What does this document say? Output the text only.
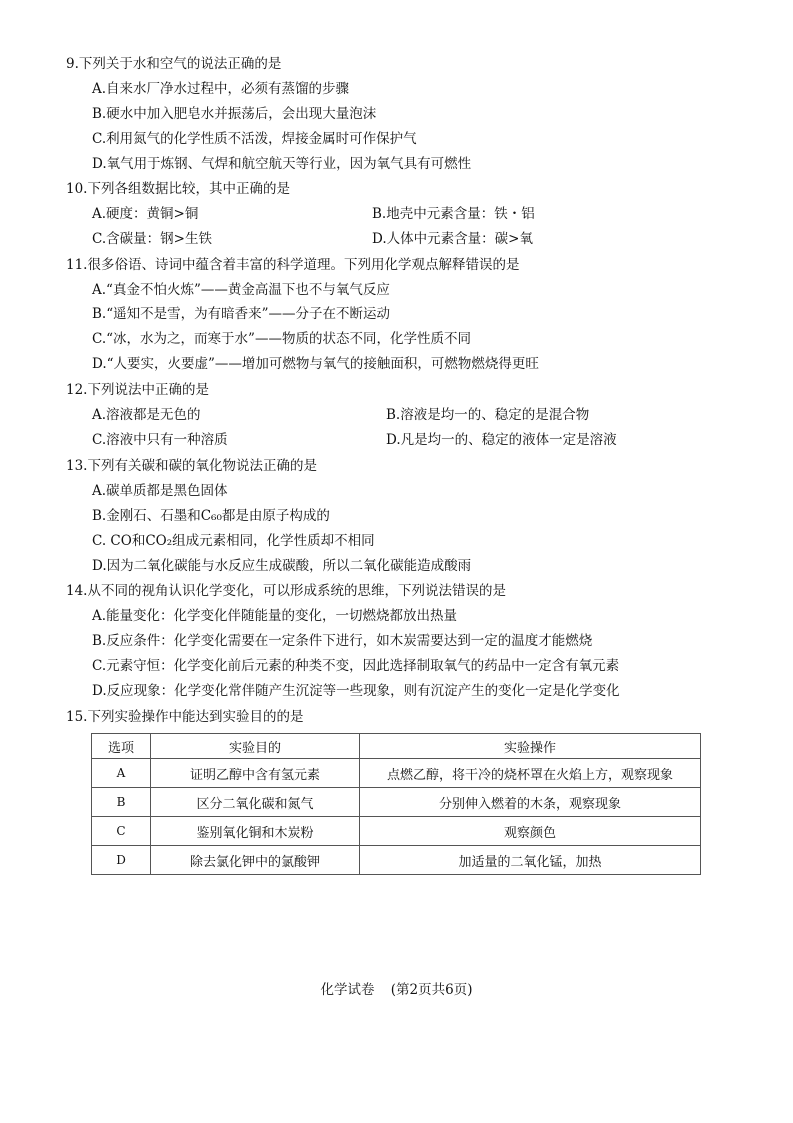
9.下列关于水和空气的说法正确的是
A.自来水厂净水过程中，必须有蒸馏的步骤
B.硬水中加入肥皂水并振荡后，会出现大量泡沫
C.利用氮气的化学性质不活泼，焊接金属时可作保护气
D.氧气用于炼钢、气焊和航空航天等行业，因为氧气具有可燃性
10.下列各组数据比较，其中正确的是
A.硬度：黄铜>铜	B.地壳中元素含量：铁・铝
C.含碳量：钢>生铁	D.人体中元素含量：碳>氧
11.很多俗语、诗词中蕴含着丰富的科学道理。下列用化学观点解释错误的是
A.“真金不怕火炼”——黄金高温下也不与氧气反应
B.“遥知不是雪，为有暗香来”——分子在不断运动
C.“冰，水为之，而寒于水”——物质的状态不同，化学性质不同
D.“人要实，火要虚”——增加可燃物与氧气的接触面积，可燃物燃烧得更旺
12.下列说法中正确的是
A.溶液都是无色的	B.溶液是均一的、稳定的是混合物
C.溶液中只有一种溶质	D.凡是均一的、稳定的液体一定是溶液
13.下列有关碳和碳的氧化物说法正确的是
A.碳单质都是黑色固体
B.金刚石、石墨和C₆₀都是由原子构成的
C. CO和CO₂组成元素相同，化学性质却不相同
D.因为二氧化碳能与水反应生成碳酸，所以二氧化碳能造成酸雨
14.从不同的视角认识化学变化，可以形成系统的思维，下列说法错误的是
A.能量变化：化学变化伴随能量的变化，一切燃烧都放出热量
B.反应条件：化学变化需要在一定条件下进行，如木炭需要达到一定的温度才能燃烧
C.元素守恒：化学变化前后元素的种类不变，因此选择制取氧气的药品中一定含有氧元素
D.反应现象：化学变化常伴随产生沉淀等一些现象，则有沉淀产生的变化一定是化学变化
15.下列实验操作中能达到实验目的的是
选项	实验目的	实验操作
A	证明乙醇中含有氢元素	点燃乙醇，将干冷的烧杯罩在火焰上方，观察现象
B	区分二氧化碳和氮气	分别伸入燃着的木条，观察现象
C	鉴别氧化铜和木炭粉	观察颜色
D	除去氯化钾中的氯酸钾	加适量的二氧化锰，加热
化学试卷 (第2页共6页)
